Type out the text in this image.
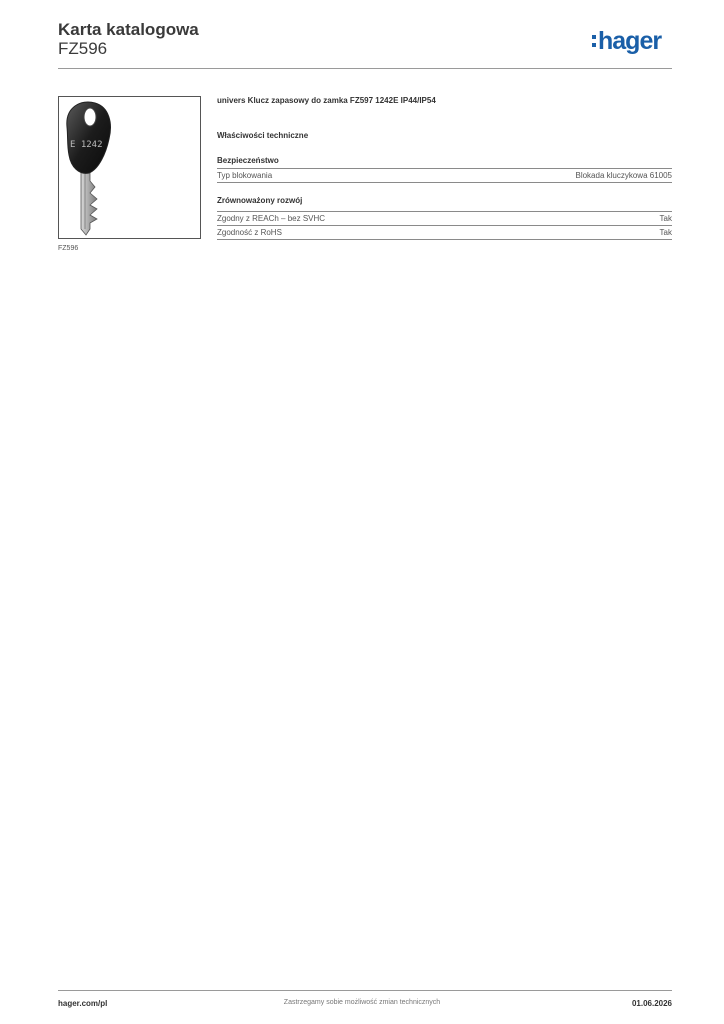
Karta katalogowa
FZ596	hager
E 1242
FZ596
univers Klucz zapasowy do zamka FZ597 1242E IP44/IP54
Właściwości techniczne
Bezpieczeństwo
Typ blokowania	Blokada kluczykowa 61005
Zrównoważony rozwój
Zgodny z REACh – bez SVHC	Tak
Zgodność z RoHS	Tak
hager.com/pl	Zastrzegamy sobie możliwość zmian technicznych	01.06.2026
